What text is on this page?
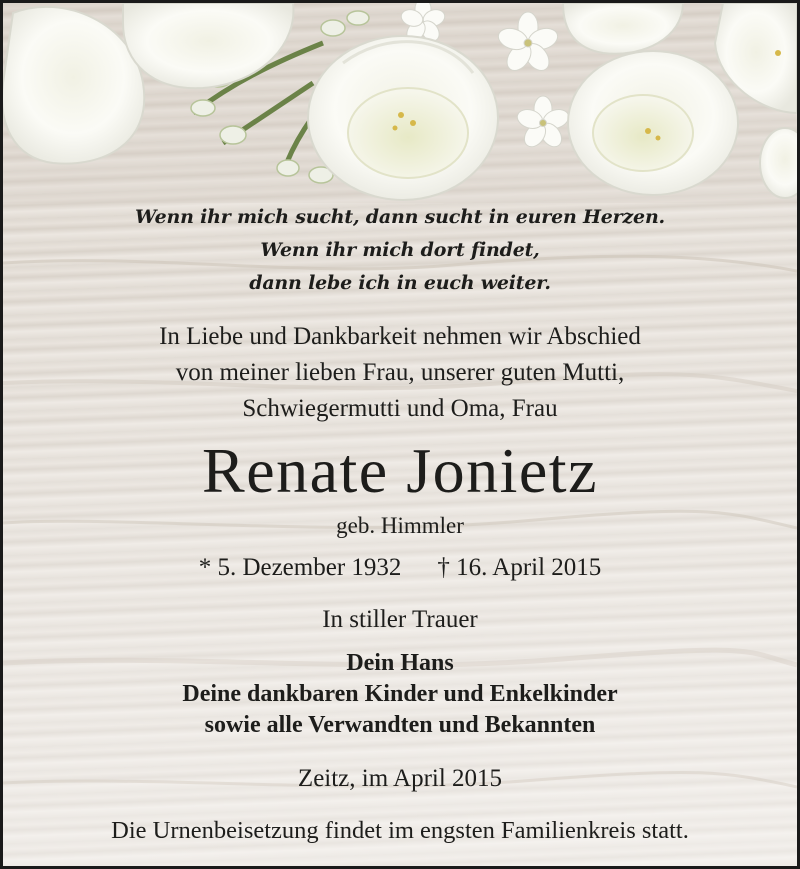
Wenn ihr mich sucht, dann sucht in euren Herzen.
Wenn ihr mich dort findet,
dann lebe ich in euch weiter.
In Liebe und Dankbarkeit nehmen wir Abschied
von meiner lieben Frau, unserer guten Mutti,
Schwiegermutti und Oma, Frau
Renate Jonietz
geb. Himmler
* 5. Dezember 1932 † 16. April 2015
In stiller Trauer
Dein Hans
Deine dankbaren Kinder und Enkelkinder
sowie alle Verwandten und Bekannten
Zeitz, im April 2015
Die Urnenbeisetzung findet im engsten Familienkreis statt.
